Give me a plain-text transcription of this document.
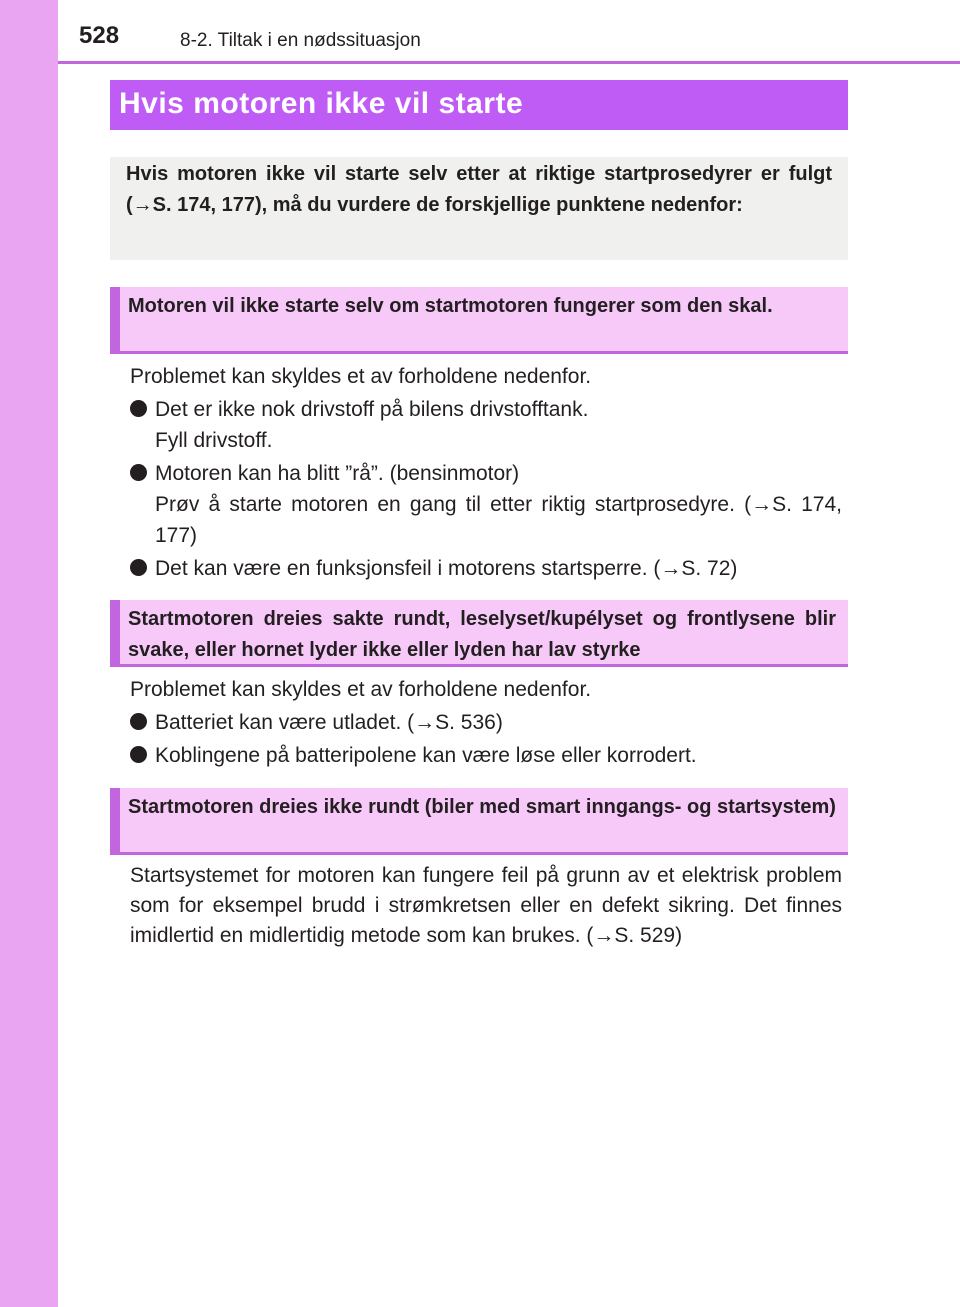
528	8-2. Tiltak i en nødssituasjon
Hvis motoren ikke vil starte

Hvis motoren ikke vil starte selv etter at riktige startprosedyrer er fulgt (→S. 174, 177), må du vurdere de forskjellige punktene nedenfor:

Motoren vil ikke starte selv om startmotoren fungerer som den skal.

Problemet kan skyldes et av forholdene nedenfor.

Det er ikke nok drivstoff på bilens drivstofftank.

Fyll drivstoff.

Motoren kan ha blitt ”rå”. (bensinmotor)

Prøv å starte motoren en gang til etter riktig startprosedyre. (→S. 174, 177)

Det kan være en funksjonsfeil i motorens startsperre. (→S. 72)

Startmotoren dreies sakte rundt, leselyset/kupélyset og frontlysene blir svake, eller hornet lyder ikke eller lyden har lav styrke

Problemet kan skyldes et av forholdene nedenfor.

Batteriet kan være utladet. (→S. 536)

Koblingene på batteripolene kan være løse eller korrodert.

Startmotoren dreies ikke rundt (biler med smart inngangs- og startsystem)

Startsystemet for motoren kan fungere feil på grunn av et elektrisk problem som for eksempel brudd i strømkretsen eller en defekt sikring. Det finnes imidlertid en midlertidig metode som kan brukes. (→S. 529)
